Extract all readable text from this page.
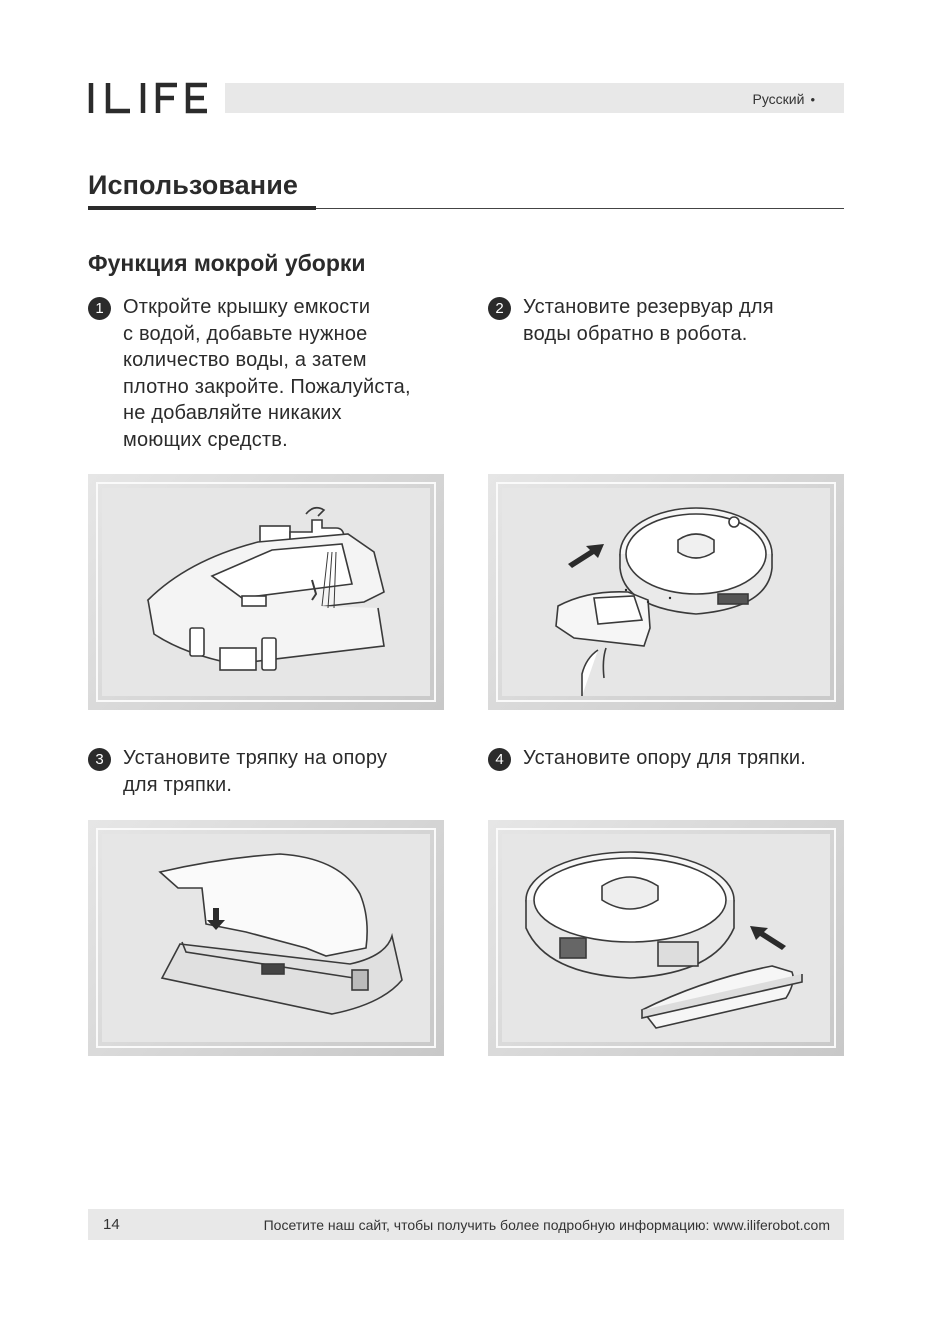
Русский •
Использование
Функция мокрой уборки
1 Откройте крышку емкости
с водой, добавьте нужное
количество воды, а затем
плотно закройте. Пожалуйста,
не добавляйте никаких
моющих средств.
2 Установите резервуар для
воды обратно в робота.
3 Установите тряпку на опору
для тряпки.
4 Установите опору для тряпки.
14	Посетите наш сайт, чтобы получить более подробную информацию: www.iliferobot.com
